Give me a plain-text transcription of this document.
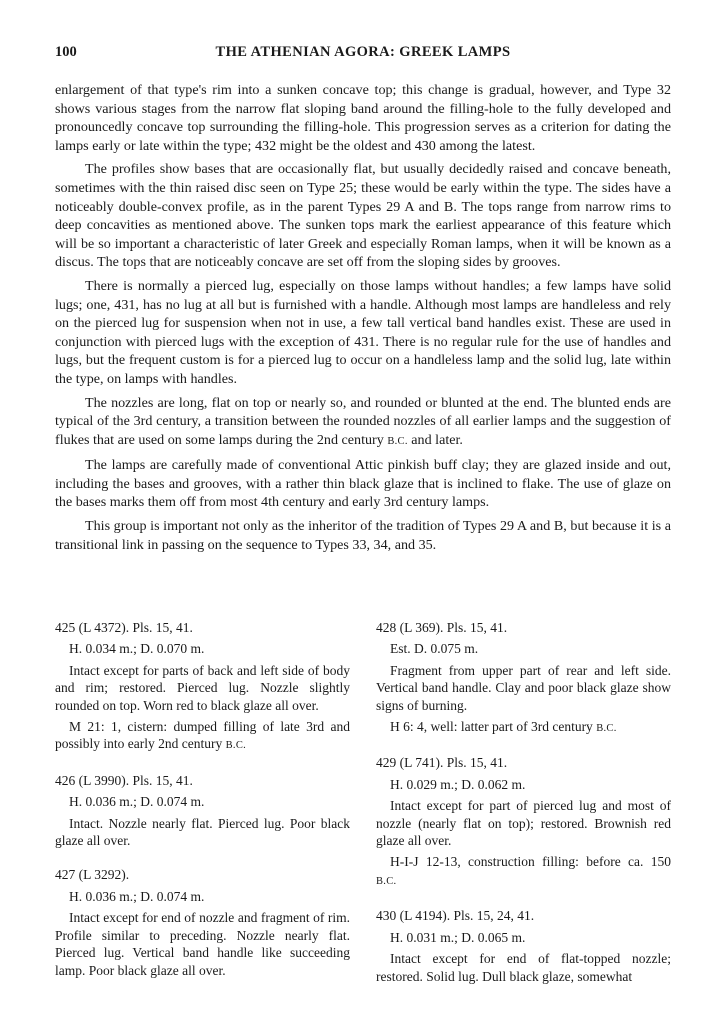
100	THE ATHENIAN AGORA: GREEK LAMPS

enlargement of that type's rim into a sunken concave top; this change is gradual, however, and Type 32 shows various stages from the narrow flat sloping band around the filling-hole to the fully developed and pronouncedly concave top surrounding the filling-hole. This progression serves as a criterion for dating the lamps early or late within the type; 432 might be the oldest and 430 among the latest.

The profiles show bases that are occasionally flat, but usually decidedly raised and concave beneath, sometimes with the thin raised disc seen on Type 25; these would be early within the type. The sides have a noticeably double-convex profile, as in the parent Types 29 A and B. The tops range from narrow rims to deep concavities as mentioned above. The sunken tops mark the earliest appearance of this feature which will be so important a characteristic of later Greek and especially Roman lamps, when it will be known as a discus. The tops that are noticeably concave are set off from the sloping sides by grooves.

There is normally a pierced lug, especially on those lamps without handles; a few lamps have solid lugs; one, 431, has no lug at all but is furnished with a handle. Although most lamps are handleless and rely on the pierced lug for suspension when not in use, a few tall vertical band handles exist. These are used in conjunction with pierced lugs with the exception of 431. There is no regular rule for the use of handles and lugs, but the frequent custom is for a pierced lug to occur on a handleless lamp and the solid lug, late within the type, on lamps with handles.

The nozzles are long, flat on top or nearly so, and rounded or blunted at the end. The blunted ends are typical of the 3rd century, a transition between the rounded nozzles of all earlier lamps and the suggestion of flukes that are used on some lamps during the 2nd century B.C. and later.

The lamps are carefully made of conventional Attic pinkish buff clay; they are glazed inside and out, including the bases and grooves, with a rather thin black glaze that is inclined to flake. The use of glaze on the bases marks them off from most 4th century and early 3rd century lamps.

This group is important not only as the inheritor of the tradition of Types 29 A and B, but because it is a transitional link in passing on the sequence to Types 33, 34, and 35.

425 (L 4372). Pls. 15, 41.

H. 0.034 m.; D. 0.070 m.

Intact except for parts of back and left side of body and rim; restored. Pierced lug. Nozzle slightly rounded on top. Worn red to black glaze all over.

M 21: 1, cistern: dumped filling of late 3rd and possibly into early 2nd century B.C.

426 (L 3990). Pls. 15, 41.

H. 0.036 m.; D. 0.074 m.

Intact. Nozzle nearly flat. Pierced lug. Poor black glaze all over.

427 (L 3292).

H. 0.036 m.; D. 0.074 m.

Intact except for end of nozzle and fragment of rim. Profile similar to preceding. Nozzle nearly flat. Pierced lug. Vertical band handle like succeeding lamp. Poor black glaze all over.

428 (L 369). Pls. 15, 41.

Est. D. 0.075 m.

Fragment from upper part of rear and left side. Vertical band handle. Clay and poor black glaze show signs of burning.

H 6: 4, well: latter part of 3rd century B.C.

429 (L 741). Pls. 15, 41.

H. 0.029 m.; D. 0.062 m.

Intact except for part of pierced lug and most of nozzle (nearly flat on top); restored. Brownish red glaze all over.

H-I-J 12-13, construction filling: before ca. 150 B.C.

430 (L 4194). Pls. 15, 24, 41.

H. 0.031 m.; D. 0.065 m.

Intact except for end of flat-topped nozzle; restored. Solid lug. Dull black glaze, somewhat
